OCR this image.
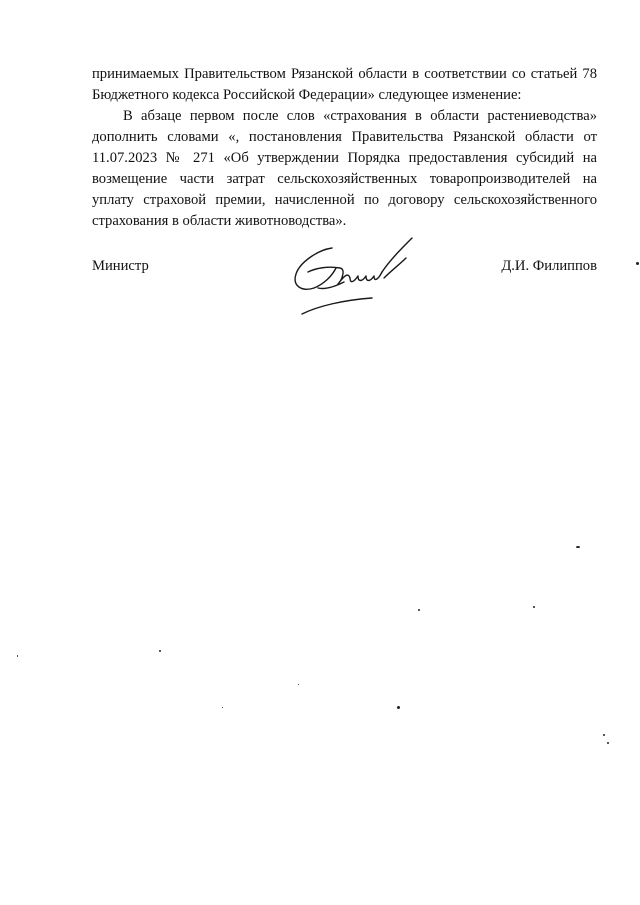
принимаемых Правительством Рязанской области в соответствии со статьей 78 Бюджетного кодекса Российской Федерации» следующее изменение:

В абзаце первом после слов «страхования в области растениеводства» дополнить словами «, постановления Правительства Рязанской области от 11.07.2023 № 271 «Об утверждении Порядка предоставления субсидий на возмещение части затрат сельскохозяйственных товаропроизводителей на уплату страховой премии, начисленной по договору сельскохозяйственного страхования в области животноводства».

Министр	Д.И. Филиппов
